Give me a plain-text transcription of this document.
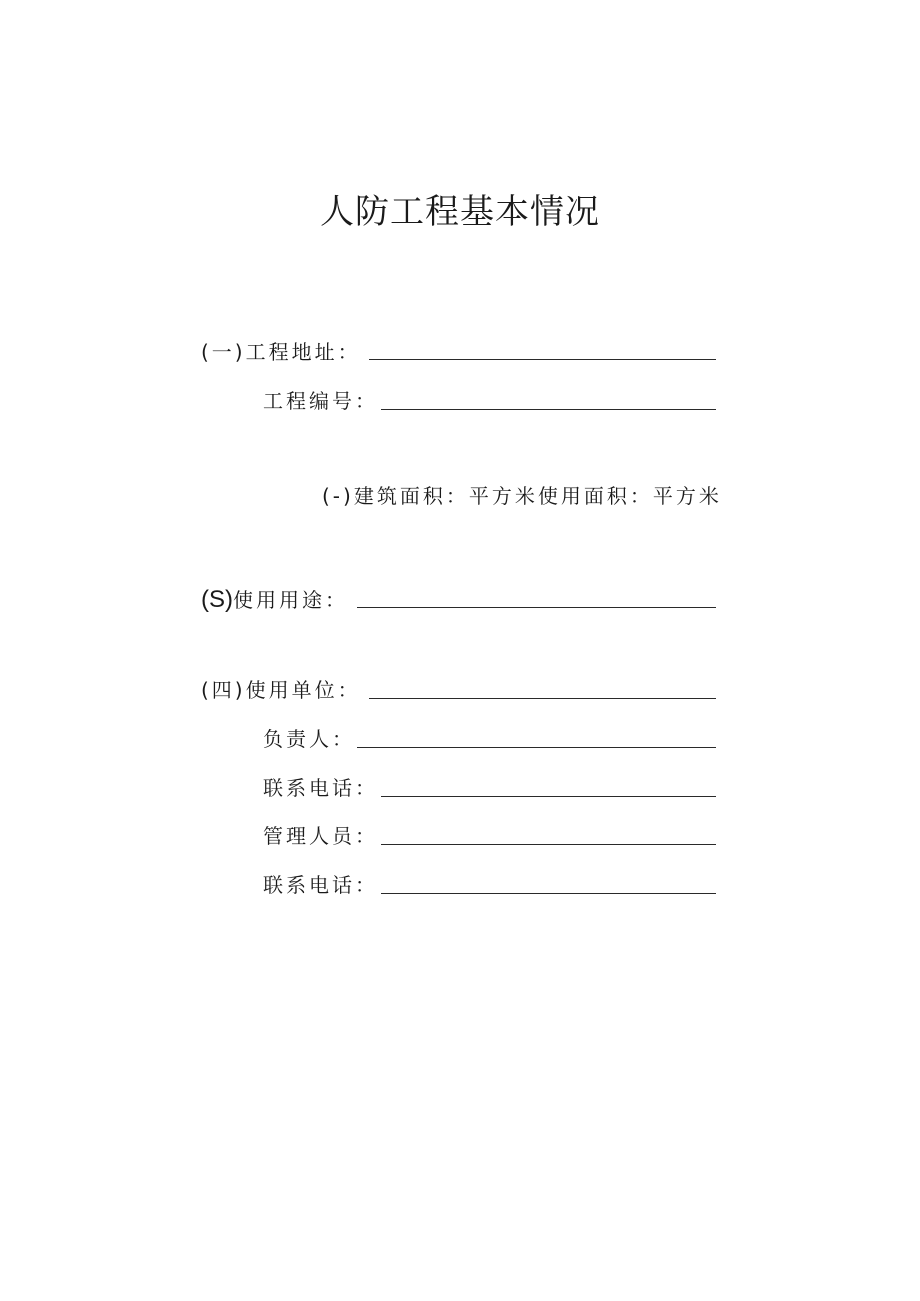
人防工程基本情况
(一)工程地址：
工程编号：
(-)建筑面积：平方米使用面积：平方米
(S) 使用用途：
(四)使用单位：
负责人：
联系电话：
管理人员：
联系电话：
